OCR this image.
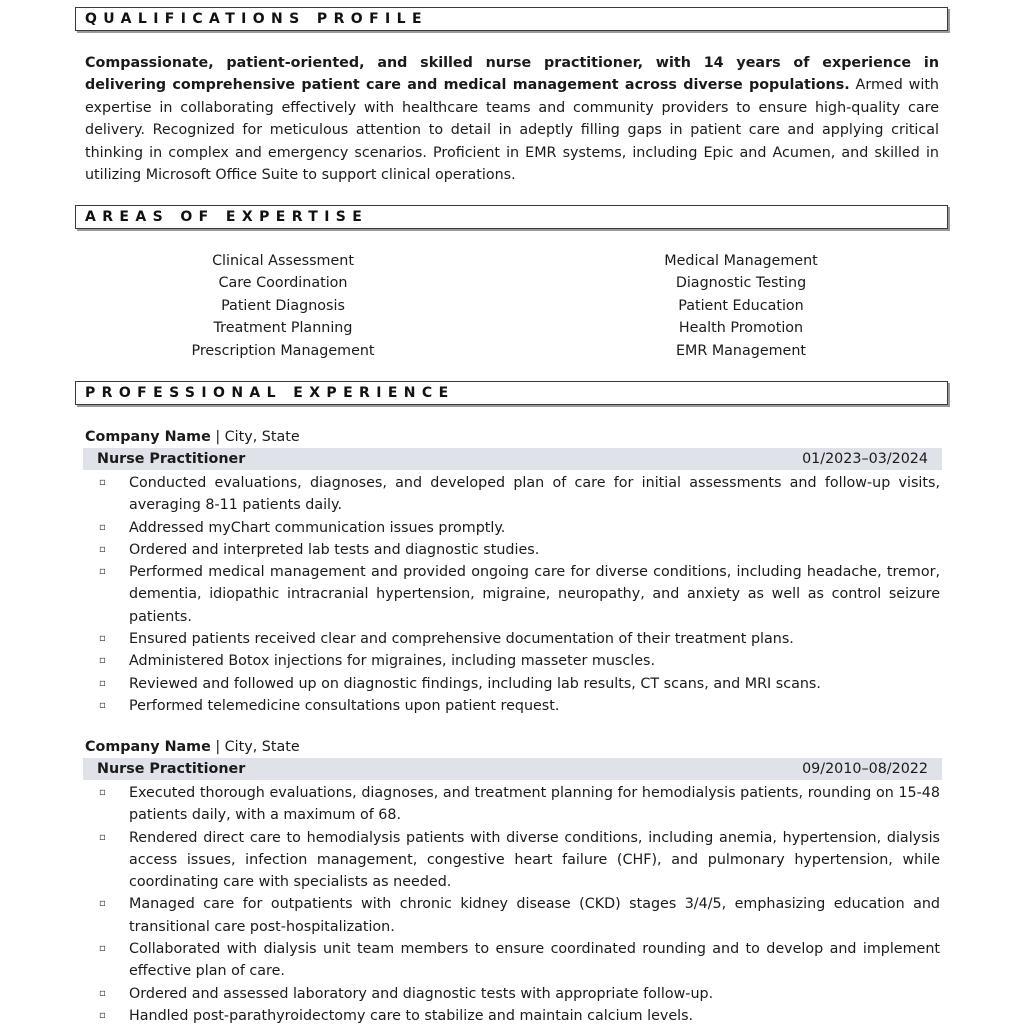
QUALIFICATIONS PROFILE

Compassionate, patient-oriented, and skilled nurse practitioner, with 14 years of experience in delivering comprehensive patient care and medical management across diverse populations. Armed with expertise in collaborating effectively with healthcare teams and community providers to ensure high-quality care delivery. Recognized for meticulous attention to detail in adeptly filling gaps in patient care and applying critical thinking in complex and emergency scenarios. Proficient in EMR systems, including Epic and Acumen, and skilled in utilizing Microsoft Office Suite to support clinical operations.

AREAS OF EXPERTISE
Clinical Assessment
Care Coordination
Patient Diagnosis
Treatment Planning
Prescription Management
Medical Management
Diagnostic Testing
Patient Education
Health Promotion
EMR Management
PROFESSIONAL EXPERIENCE
Company Name | City, State
Nurse Practitioner	01/2023–03/2024
▫ Conducted evaluations, diagnoses, and developed plan of care for initial assessments and follow-up visits, averaging 8-11 patients daily.
▫ Addressed myChart communication issues promptly.
▫ Ordered and interpreted lab tests and diagnostic studies.
▫ Performed medical management and provided ongoing care for diverse conditions, including headache, tremor, dementia, idiopathic intracranial hypertension, migraine, neuropathy, and anxiety as well as control seizure patients.
▫ Ensured patients received clear and comprehensive documentation of their treatment plans.
▫ Administered Botox injections for migraines, including masseter muscles.
▫ Reviewed and followed up on diagnostic findings, including lab results, CT scans, and MRI scans.
▫ Performed telemedicine consultations upon patient request.
Company Name | City, State
Nurse Practitioner	09/2010–08/2022
▫ Executed thorough evaluations, diagnoses, and treatment planning for hemodialysis patients, rounding on 15-48 patients daily, with a maximum of 68.
▫ Rendered direct care to hemodialysis patients with diverse conditions, including anemia, hypertension, dialysis access issues, infection management, congestive heart failure (CHF), and pulmonary hypertension, while coordinating care with specialists as needed.
▫ Managed care for outpatients with chronic kidney disease (CKD) stages 3/4/5, emphasizing education and transitional care post-hospitalization.
▫ Collaborated with dialysis unit team members to ensure coordinated rounding and to develop and implement effective plan of care.
▫ Ordered and assessed laboratory and diagnostic tests with appropriate follow-up.
▫ Handled post-parathyroidectomy care to stabilize and maintain calcium levels.
